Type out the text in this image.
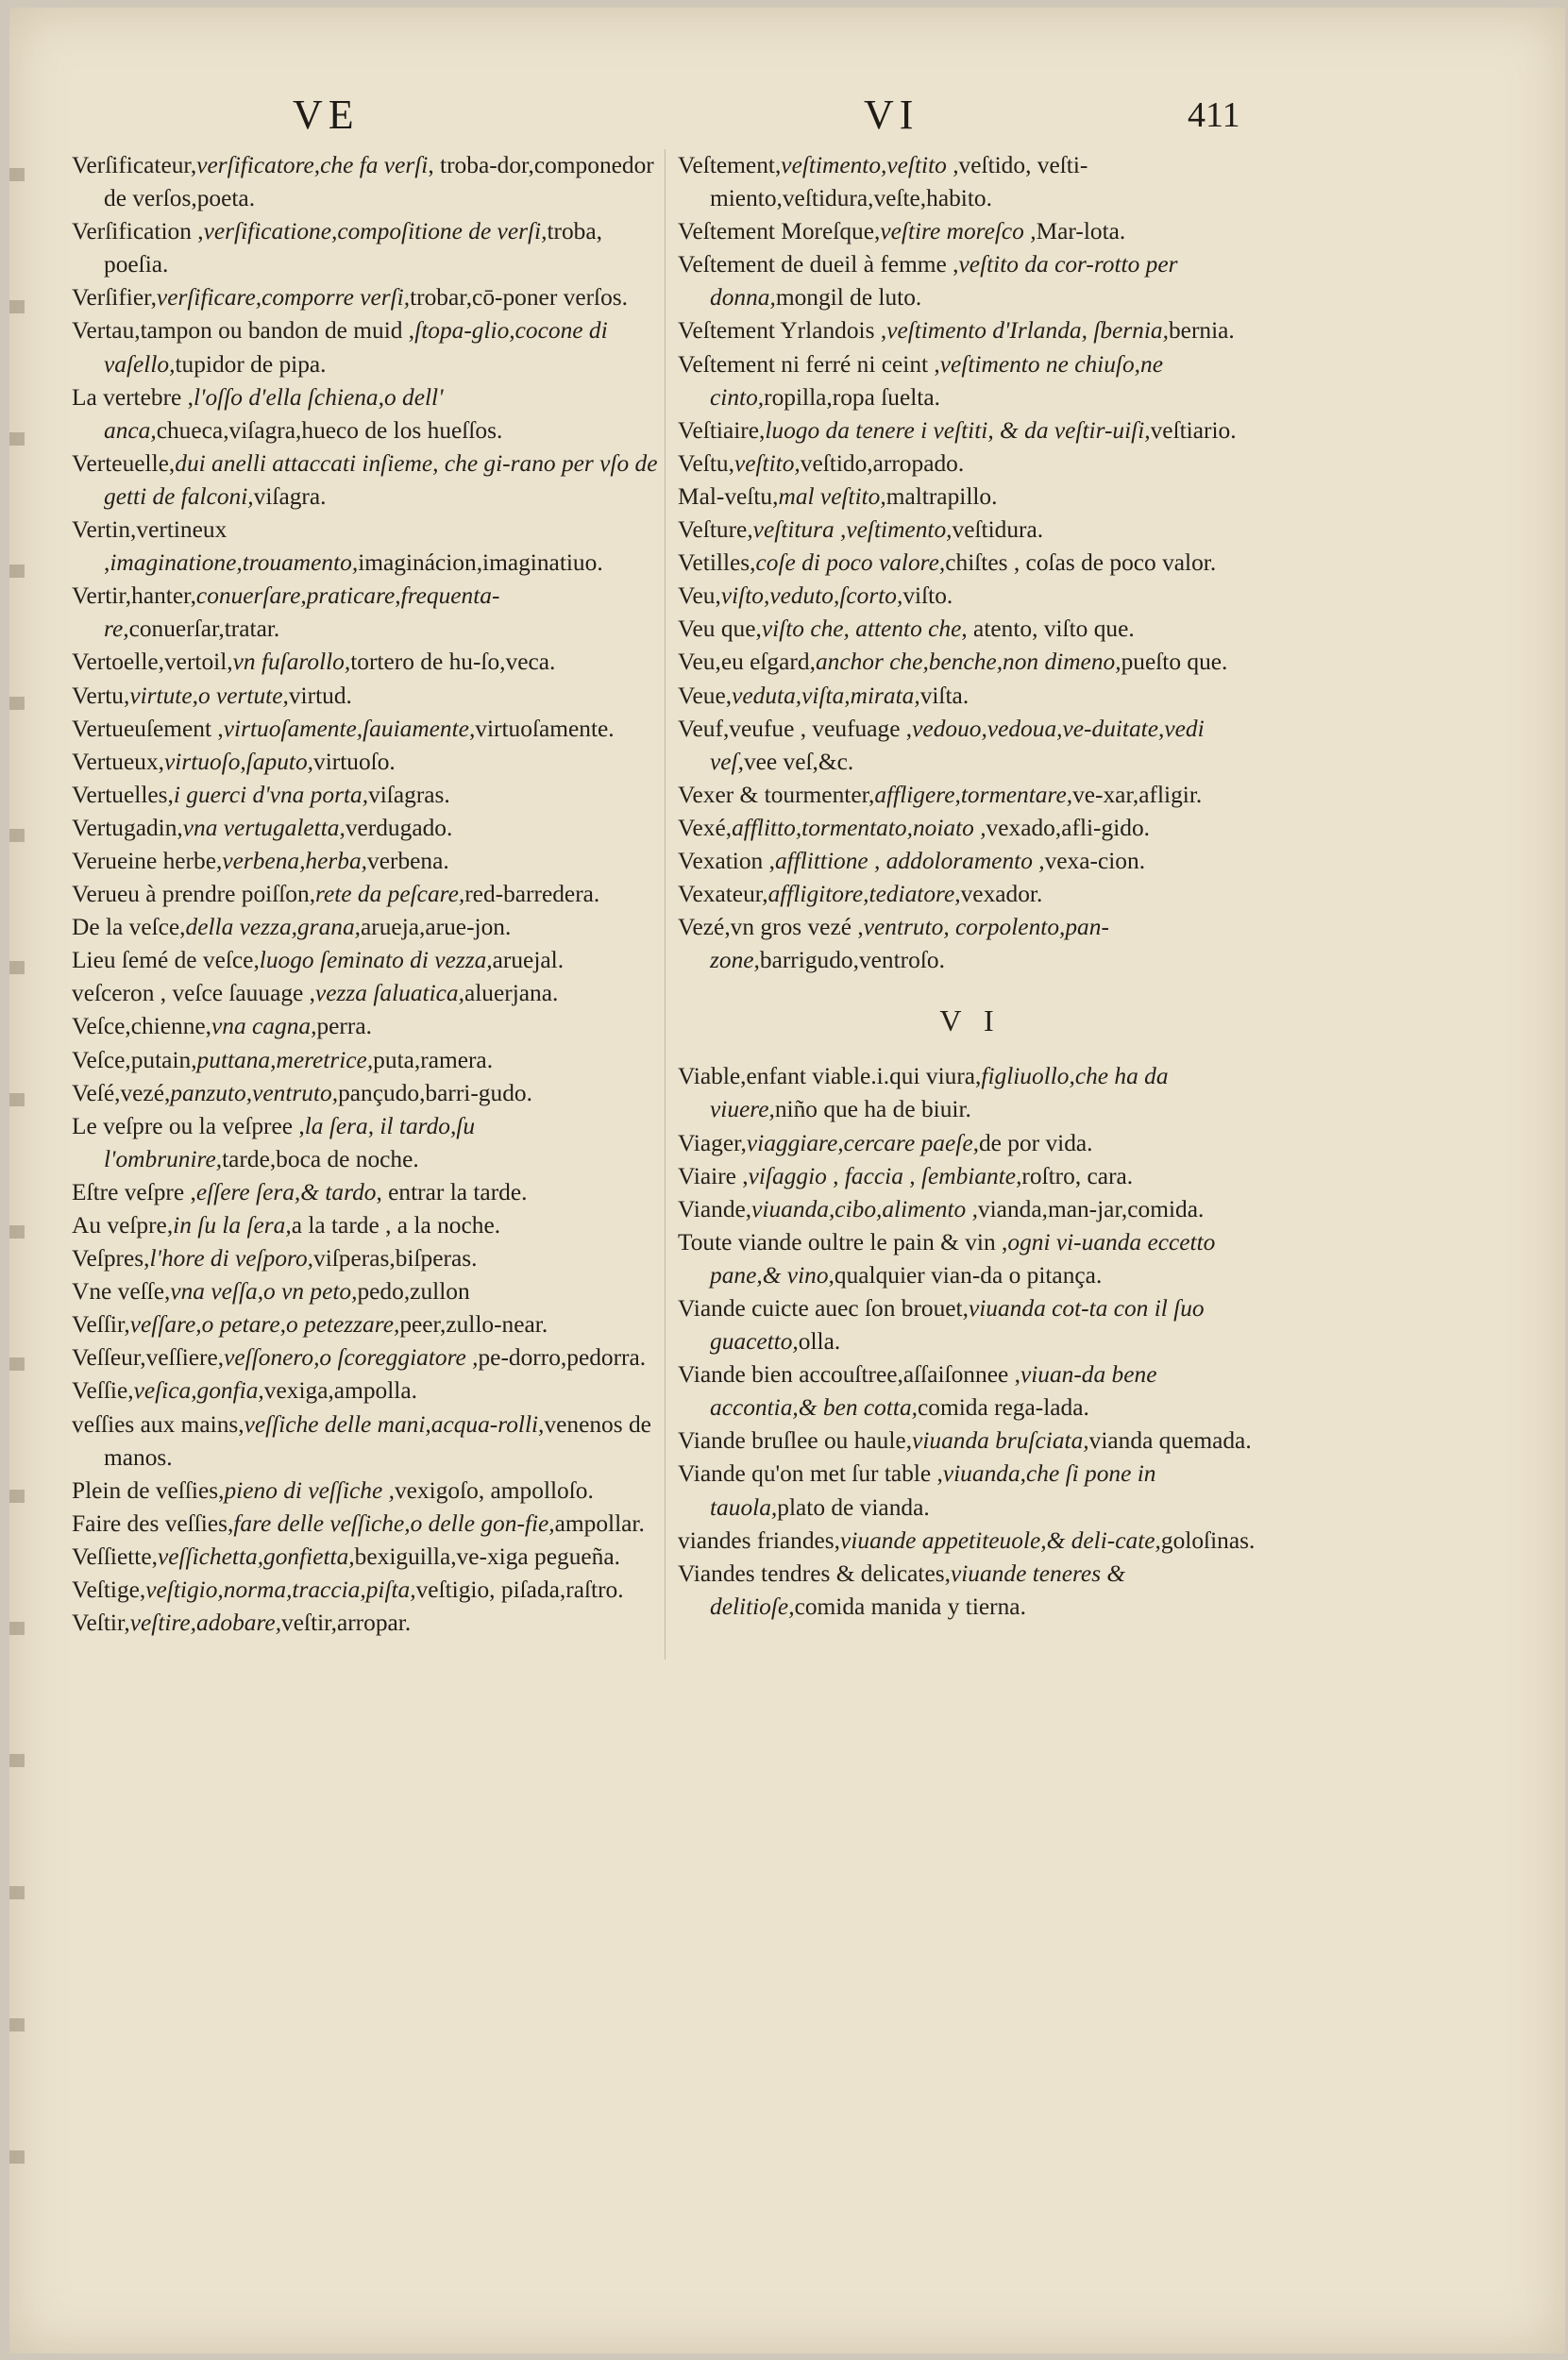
VE	VI	411

Verſificateur,verſificatore,che fa verſi, troba-dor,componedor de verſos,poeta.

Verſification ,verſificatione,compoſitione de verſi,troba, poeſia.

Verſifier,verſificare,comporre verſi,trobar,cō-poner verſos.

Vertau,tampon ou bandon de muid ,ſtopa-glio,cocone di vaſello,tupidor de pipa.

La vertebre ,l'oſſo d'ella ſchiena,o dell' anca,chueca,viſagra,hueco de los hueſſos.

Verteuelle,dui anelli attaccati inſieme, che gi-rano per vſo de getti de falconi,viſagra.

Vertin,vertineux ,imaginatione,trouamento,imaginácion,imaginatiuo.

Vertir,hanter,conuerſare,praticare,frequenta-re,conuerſar,tratar.

Vertoelle,vertoil,vn fuſarollo,tortero de hu-ſo,veca.

Vertu,virtute,o vertute,virtud.

Vertueuſement ,virtuoſamente,ſauiamente,virtuoſamente.

Vertueux,virtuoſo,ſaputo,virtuoſo.

Vertuelles,i guerci d'vna porta,viſagras.

Vertugadin,vna vertugaletta,verdugado.

Verueine herbe,verbena,herba,verbena.

Verueu à prendre poiſſon,rete da peſcare,red-barredera.

De la veſce,della vezza,grana,arueja,arue-jon.

Lieu ſemé de veſce,luogo ſeminato di vezza,aruejal.

veſceron , veſce ſauuage ,vezza ſaluatica,aluerjana.

Veſce,chienne,vna cagna,perra.

Veſce,putain,puttana,meretrice,puta,ramera.

Veſé,vezé,panzuto,ventruto,pançudo,barri-gudo.

Le veſpre ou la veſpree ,la ſera, il tardo,ſu l'ombrunire,tarde,boca de noche.

Eſtre veſpre ,eſſere ſera,& tardo, entrar la tarde.

Au veſpre,in ſu la ſera,a la tarde , a la noche.

Veſpres,l'hore di veſporo,viſperas,biſperas.

Vne veſſe,vna veſſa,o vn peto,pedo,zullon

Veſſir,veſſare,o petare,o petezzare,peer,zullo-near.

Veſſeur,veſſiere,veſſonero,o ſcoreggiatore ,pe-dorro,pedorra.

Veſſie,veſica,gonfia,vexiga,ampolla.

veſſies aux mains,veſſiche delle mani,acqua-rolli,venenos de manos.

Plein de veſſies,pieno di veſſiche ,vexigoſo, ampolloſo.

Faire des veſſies,fare delle veſſiche,o delle gon-fie,ampollar.

Veſſiette,veſſichetta,gonfietta,bexiguilla,ve-xiga pegueña.

Veſtige,veſtigio,norma,traccia,piſta,veſtigio, piſada,raſtro.

Veſtir,veſtire,adobare,veſtir,arropar.

Veſtement,veſtimento,veſtito ,veſtido, veſti-miento,veſtidura,veſte,habito.

Veſtement Moreſque,veſtire moreſco ,Mar-lota.

Veſtement de dueil à femme ,veſtito da cor-rotto per donna,mongil de luto.

Veſtement Yrlandois ,veſtimento d'Irlanda, ſbernia,bernia.

Veſtement ni ferré ni ceint ,veſtimento ne chiuſo,ne cinto,ropilla,ropa ſuelta.

Veſtiaire,luogo da tenere i veſtiti, & da veſtir-uiſi,veſtiario.

Veſtu,veſtito,veſtido,arropado.

Mal-veſtu,mal veſtito,maltrapillo.

Veſture,veſtitura ,veſtimento,veſtidura.

Vetilles,coſe di poco valore,chiſtes , coſas de poco valor.

Veu,viſto,veduto,ſcorto,viſto.

Veu que,viſto che, attento che, atento, viſto que.

Veu,eu eſgard,anchor che,benche,non dimeno,pueſto que.

Veue,veduta,viſta,mirata,viſta.

Veuf,veufue , veufuage ,vedouo,vedoua,ve-duitate,vedi veſ,vee veſ,&c.

Vexer & tourmenter,affligere,tormentare,ve-xar,afligir.

Vexé,afflitto,tormentato,noiato ,vexado,afli-gido.

Vexation ,afflittione , addoloramento ,vexa-cion.

Vexateur,affligitore,tediatore,vexador.

Vezé,vn gros vezé ,ventruto, corpolento,pan-zone,barrigudo,ventroſo.

V I

Viable,enfant viable.i.qui viura,figliuollo,che ha da viuere,niño que ha de biuir.

Viager,viaggiare,cercare paeſe,de por vida.

Viaire ,viſaggio , faccia , ſembiante,roſtro, cara.

Viande,viuanda,cibo,alimento ,vianda,man-jar,comida.

Toute viande oultre le pain & vin ,ogni vi-uanda eccetto pane,& vino,qualquier vian-da o pitança.

Viande cuicte auec ſon brouet,viuanda cot-ta con il ſuo guacetto,olla.

Viande bien accouſtree,aſſaiſonnee ,viuan-da bene accontia,& ben cotta,comida rega-lada.

Viande bruſlee ou haule,viuanda bruſciata,vianda quemada.

Viande qu'on met ſur table ,viuanda,che ſi pone in tauola,plato de vianda.

viandes friandes,viuande appetiteuole,& deli-cate,goloſinas.

Viandes tendres & delicates,viuande teneres & delitioſe,comida manida y tierna.
